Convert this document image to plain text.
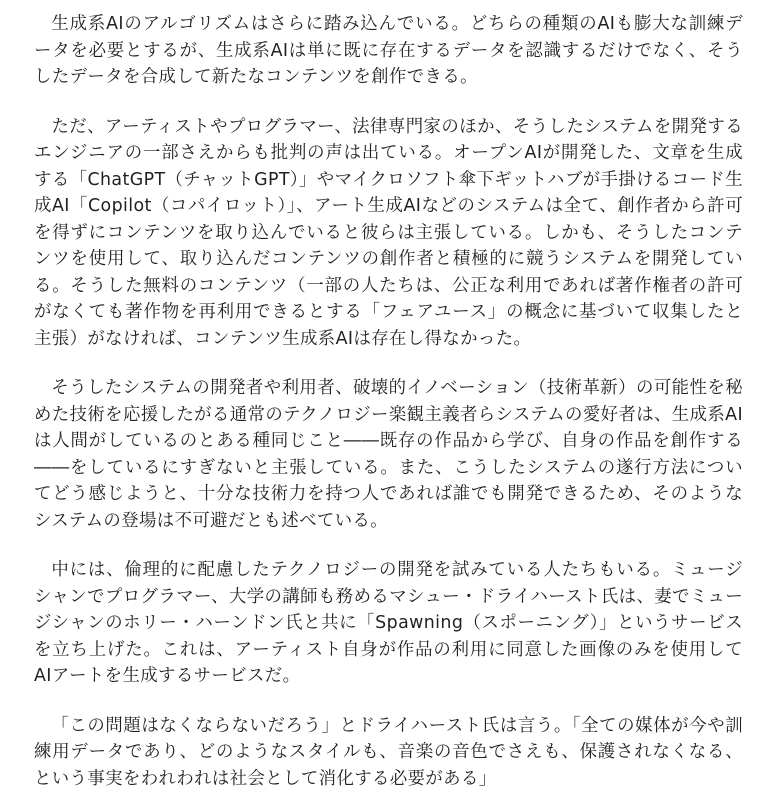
生成系AIのアルゴリズムはさらに踏み込んでいる。どちらの種類のAIも膨大な訓練データを必要とするが、生成系AIは単に既に存在するデータを認識するだけでなく、そうしたデータを合成して新たなコンテンツを創作できる。

ただ、アーティストやプログラマー、法律専門家のほか、そうしたシステムを開発するエンジニアの一部さえからも批判の声は出ている。オープンAIが開発した、文章を生成する「ChatGPT（チャットGPT）」やマイクロソフト傘下ギットハブが手掛けるコード生成AI「Copilot（コパイロット）」、アート生成AIなどのシステムは全て、創作者から許可を得ずにコンテンツを取り込んでいると彼らは主張している。しかも、そうしたコンテンツを使用して、取り込んだコンテンツの創作者と積極的に競うシステムを開発している。そうした無料のコンテンツ（一部の人たちは、公正な利用であれば著作権者の許可がなくても著作物を再利用できるとする「フェアユース」の概念に基づいて収集したと主張）がなければ、コンテンツ生成系AIは存在し得なかった。

そうしたシステムの開発者や利用者、破壊的イノベーション（技術革新）の可能性を秘めた技術を応援したがる通常のテクノロジー楽観主義者らシステムの愛好者は、生成系AIは人間がしているのとある種同じこと――既存の作品から学び、自身の作品を創作する――をしているにすぎないと主張している。また、こうしたシステムの遂行方法についてどう感じようと、十分な技術力を持つ人であれば誰でも開発できるため、そのようなシステムの登場は不可避だとも述べている。

中には、倫理的に配慮したテクノロジーの開発を試みている人たちもいる。ミュージシャンでプログラマー、大学の講師も務めるマシュー・ドライハースト氏は、妻でミュージシャンのホリー・ハーンドン氏と共に「Spawning（スポーニング）」というサービスを立ち上げた。これは、アーティスト自身が作品の利用に同意した画像のみを使用してAIアートを生成するサービスだ。

「この問題はなくならないだろう」とドライハースト氏は言う。「全ての媒体が今や訓練用データであり、どのようなスタイルも、音楽の音色でさえも、保護されなくなる、という事実をわれわれは社会として消化する必要がある」
